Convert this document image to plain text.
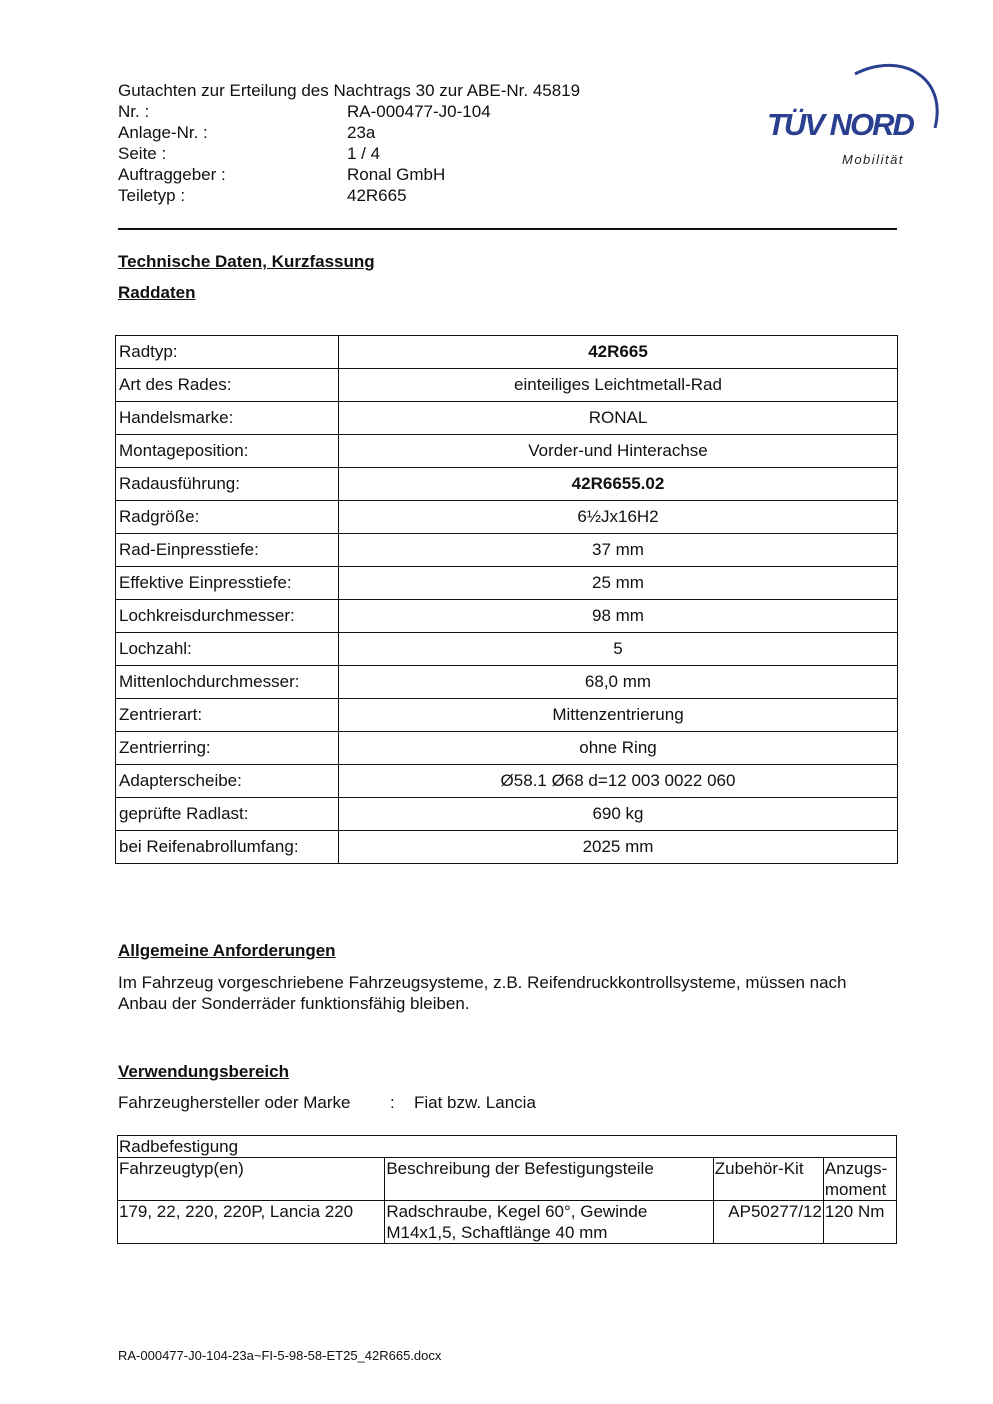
Gutachten zur Erteilung des Nachtrags 30 zur ABE-Nr. 45819
Nr. :	RA-000477-J0-104
Anlage-Nr. :	23a
Seite :	1 / 4
Auftraggeber :	Ronal GmbH
Teiletyp :	42R665
TÜV NORD
Mobilität
Technische Daten, Kurzfassung
Raddaten
Radtyp:	42R665
Art des Rades:	einteiliges Leichtmetall-Rad
Handelsmarke:	RONAL
Montageposition:	Vorder-und Hinterachse
Radausführung:	42R6655.02
Radgröße:	6½Jx16H2
Rad-Einpresstiefe:	37 mm
Effektive Einpresstiefe:	25 mm
Lochkreisdurchmesser:	98 mm
Lochzahl:	5
Mittenlochdurchmesser:	68,0 mm
Zentrierart:	Mittenzentrierung
Zentrierring:	ohne Ring
Adapterscheibe:	Ø58.1 Ø68 d=12 003 0022 060
geprüfte Radlast:	690 kg
bei Reifenabrollumfang:	2025 mm
Allgemeine Anforderungen
Im Fahrzeug vorgeschriebene Fahrzeugsysteme, z.B. Reifendruckkontrollsysteme, müssen nach Anbau der Sonderräder funktionsfähig bleiben.
Verwendungsbereich
Fahrzeughersteller oder Marke	:	Fiat bzw. Lancia
Radbefestigung			
Fahrzeugtyp(en)	Beschreibung der Befestigungsteile	Zubehör-Kit	Anzugs-
moment
179, 22, 220, 220P, Lancia 220	Radschraube, Kegel 60°, Gewinde M14x1,5, Schaftlänge 40 mm	AP50277/12	120 Nm
RA-000477-J0-104-23a~FI-5-98-58-ET25_42R665.docx
